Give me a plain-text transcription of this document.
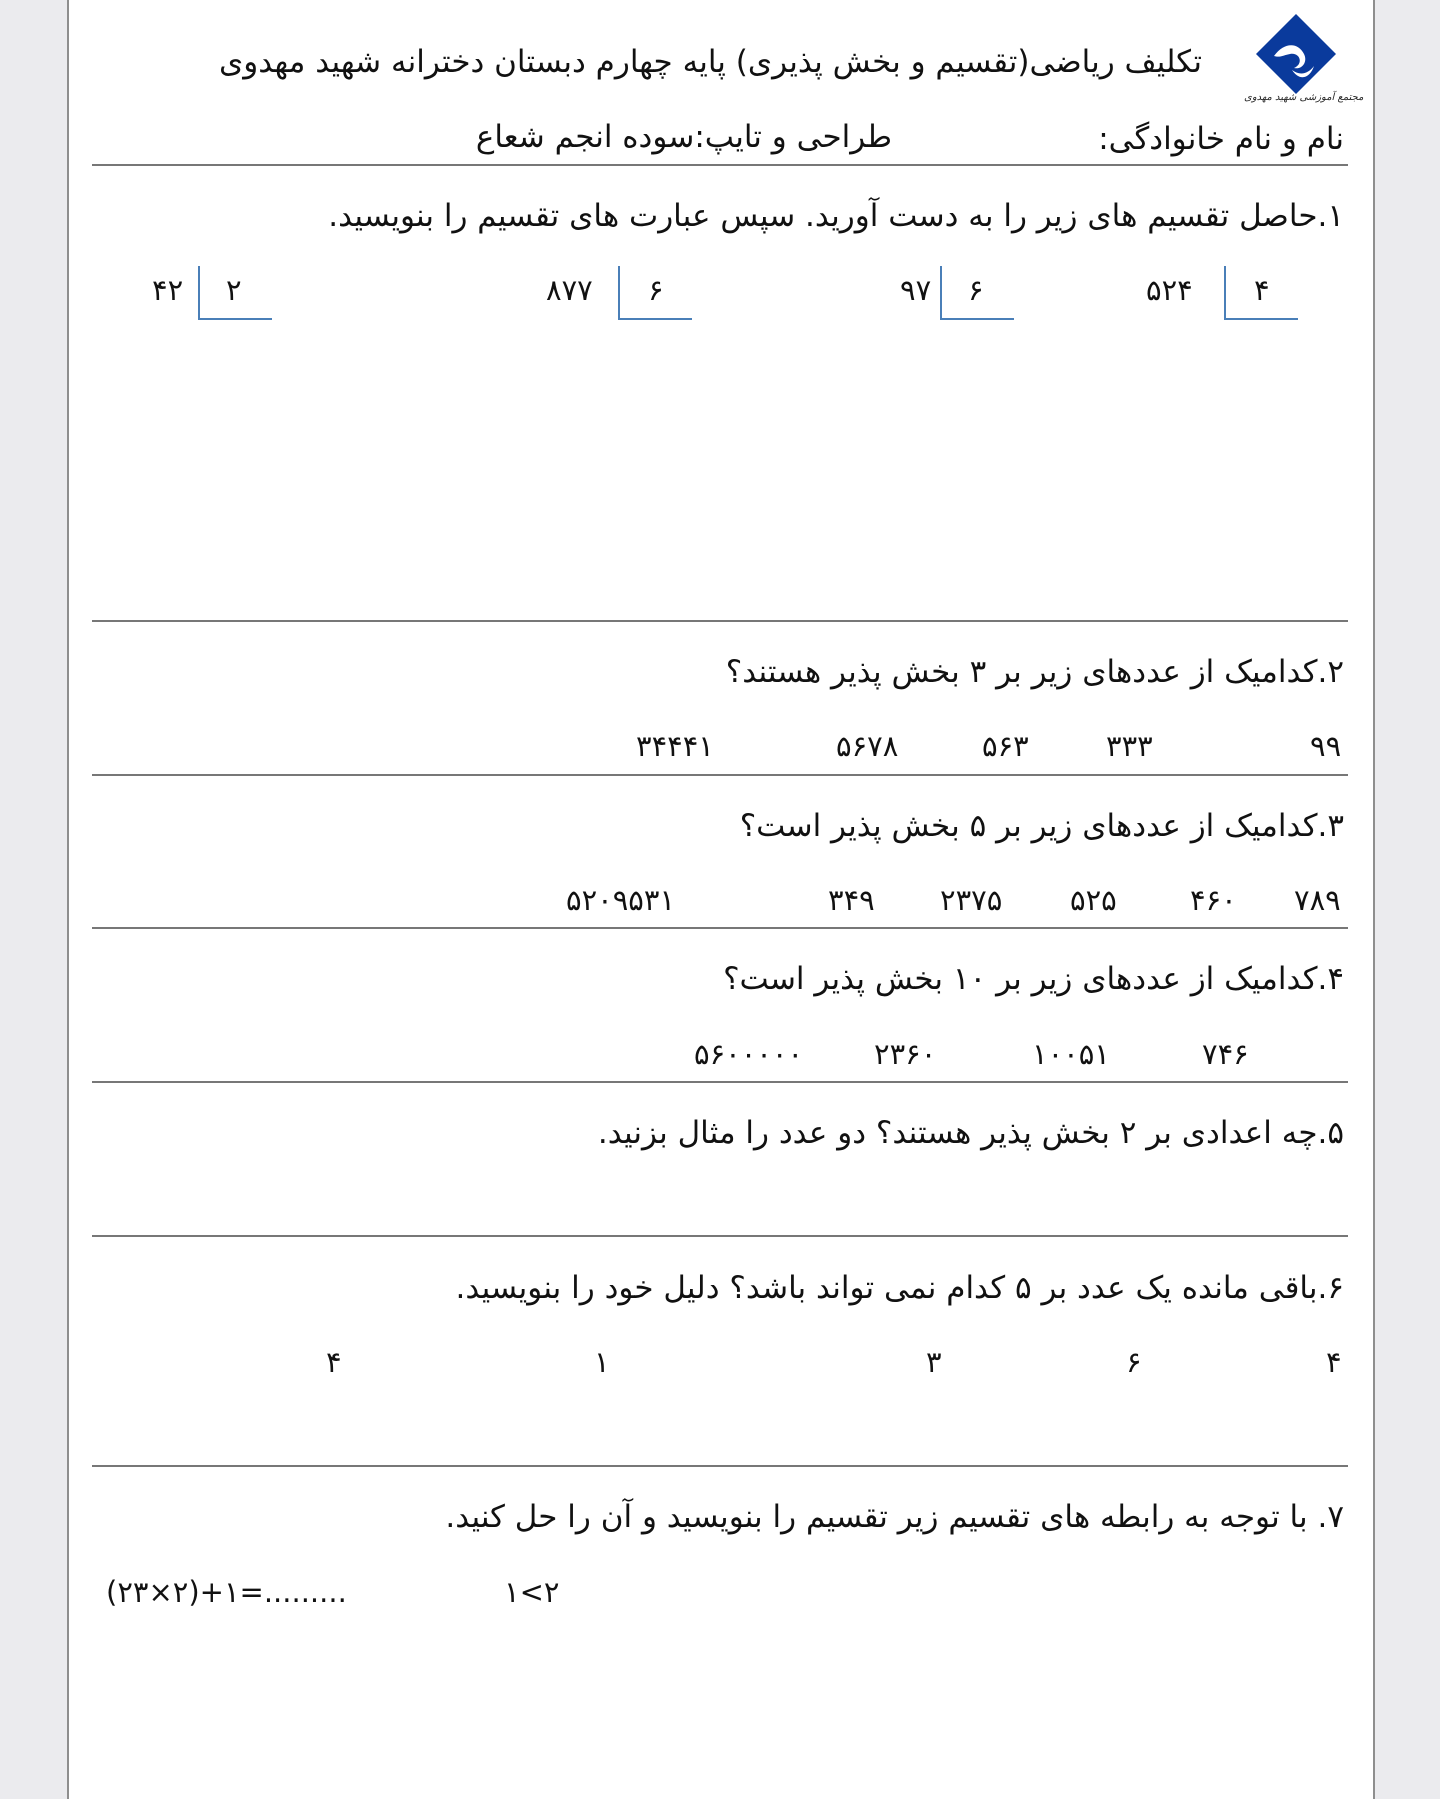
مجتمع آموزشی شهید مهدوی
تکلیف ریاضی(تقسیم و بخش پذیری) پایه چهارم دبستان دخترانه شهید مهدوی
نام و نام خانوادگی:
طراحی و تایپ:سوده انجم شعاع
۱.حاصل تقسیم های زیر را به دست آورید. سپس عبارت های تقسیم را بنویسید.
۵۲۴ ۴
۹۷ ۶
۸۷۷ ۶
۴۲ ۲
۲.کدامیک از عددهای زیر بر ۳ بخش پذیر هستند؟
۹۹
۳۳۳
۵۶۳
۵۶۷۸
۳۴۴۴۱
۳.کدامیک از عددهای زیر بر ۵ بخش پذیر است؟
۷۸۹
۴۶۰
۵۲۵
۲۳۷۵
۳۴۹
۵۲۰۹۵۳۱
۴.کدامیک از عددهای زیر بر ۱۰ بخش پذیر است؟
۷۴۶
۱۰۰۵۱
۲۳۶۰
۵۶۰۰۰۰۰
۵.چه اعدادی بر ۲ بخش پذیر هستند؟ دو عدد را مثال بزنید.
۶.باقی مانده یک عدد بر ۵ کدام نمی تواند باشد؟ دلیل خود را بنویسید.
۴
۶
۳
۱
۴
۷. با توجه به رابطه های تقسیم زیر تقسیم را بنویسید و آن را حل کنید.
۱<۲
(۲۳×۲)+۱=.........
